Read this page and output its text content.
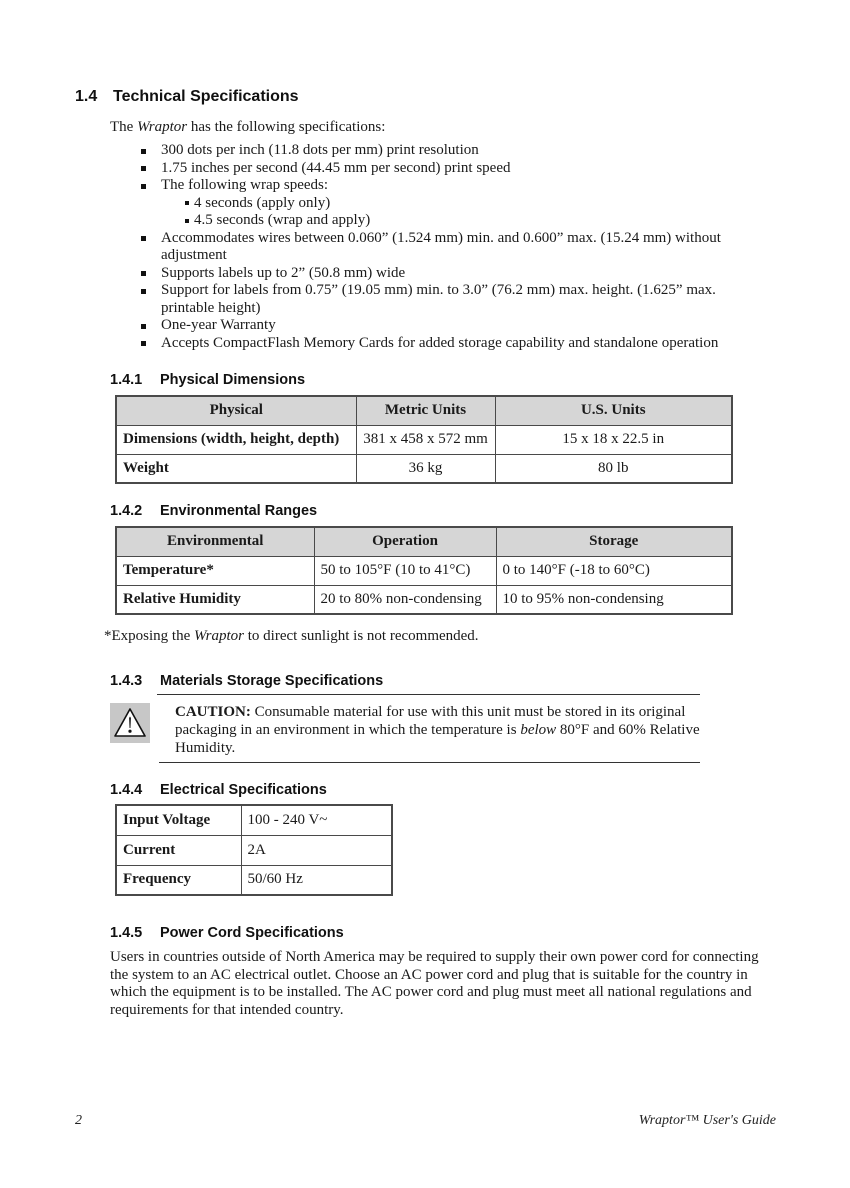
1.4 Technical Specifications

The Wraptor has the following specifications:

300 dots per inch (11.8 dots per mm) print resolution
1.75 inches per second (44.45 mm per second) print speed
The following wrap speeds:
4 seconds (apply only)
4.5 seconds (wrap and apply)
Accommodates wires between 0.060” (1.524 mm) min. and 0.600” max. (15.24 mm) without adjustment
Supports labels up to 2” (50.8 mm) wide
Support for labels from 0.75” (19.05 mm) min. to 3.0” (76.2 mm) max. height. (1.625” max. printable height)
One-year Warranty
Accepts CompactFlash Memory Cards for added storage capability and standalone operation
1.4.1	Physical Dimensions
Physical	Metric Units	U.S. Units
Dimensions (width, height, depth)	381 x 458 x 572 mm	15 x 18 x 22.5 in
Weight	36 kg	80 lb
1.4.2	Environmental Ranges
Environmental	Operation	Storage
Temperature*	50 to 105°F (10 to 41°C)	0 to 140°F (-18 to 60°C)
Relative Humidity	20 to 80% non-condensing	10 to 95% non-condensing

*Exposing the Wraptor to direct sunlight is not recommended.

1.4.3	Materials Storage Specifications

CAUTION: Consumable material for use with this unit must be stored in its original packaging in an environment in which the temperature is below 80°F and 60% Relative Humidity.

1.4.4	Electrical Specifications
Input Voltage	100 - 240 V~
Current	2A
Frequency	50/60 Hz
1.4.5	Power Cord Specifications

Users in countries outside of North America may be required to supply their own power cord for connecting the system to an AC electrical outlet. Choose an AC power cord and plug that is suitable for the country in which the equipment is to be installed. The AC power cord and plug must meet all national regulations and requirements for that intended country.

2	Wraptor™ User's Guide
